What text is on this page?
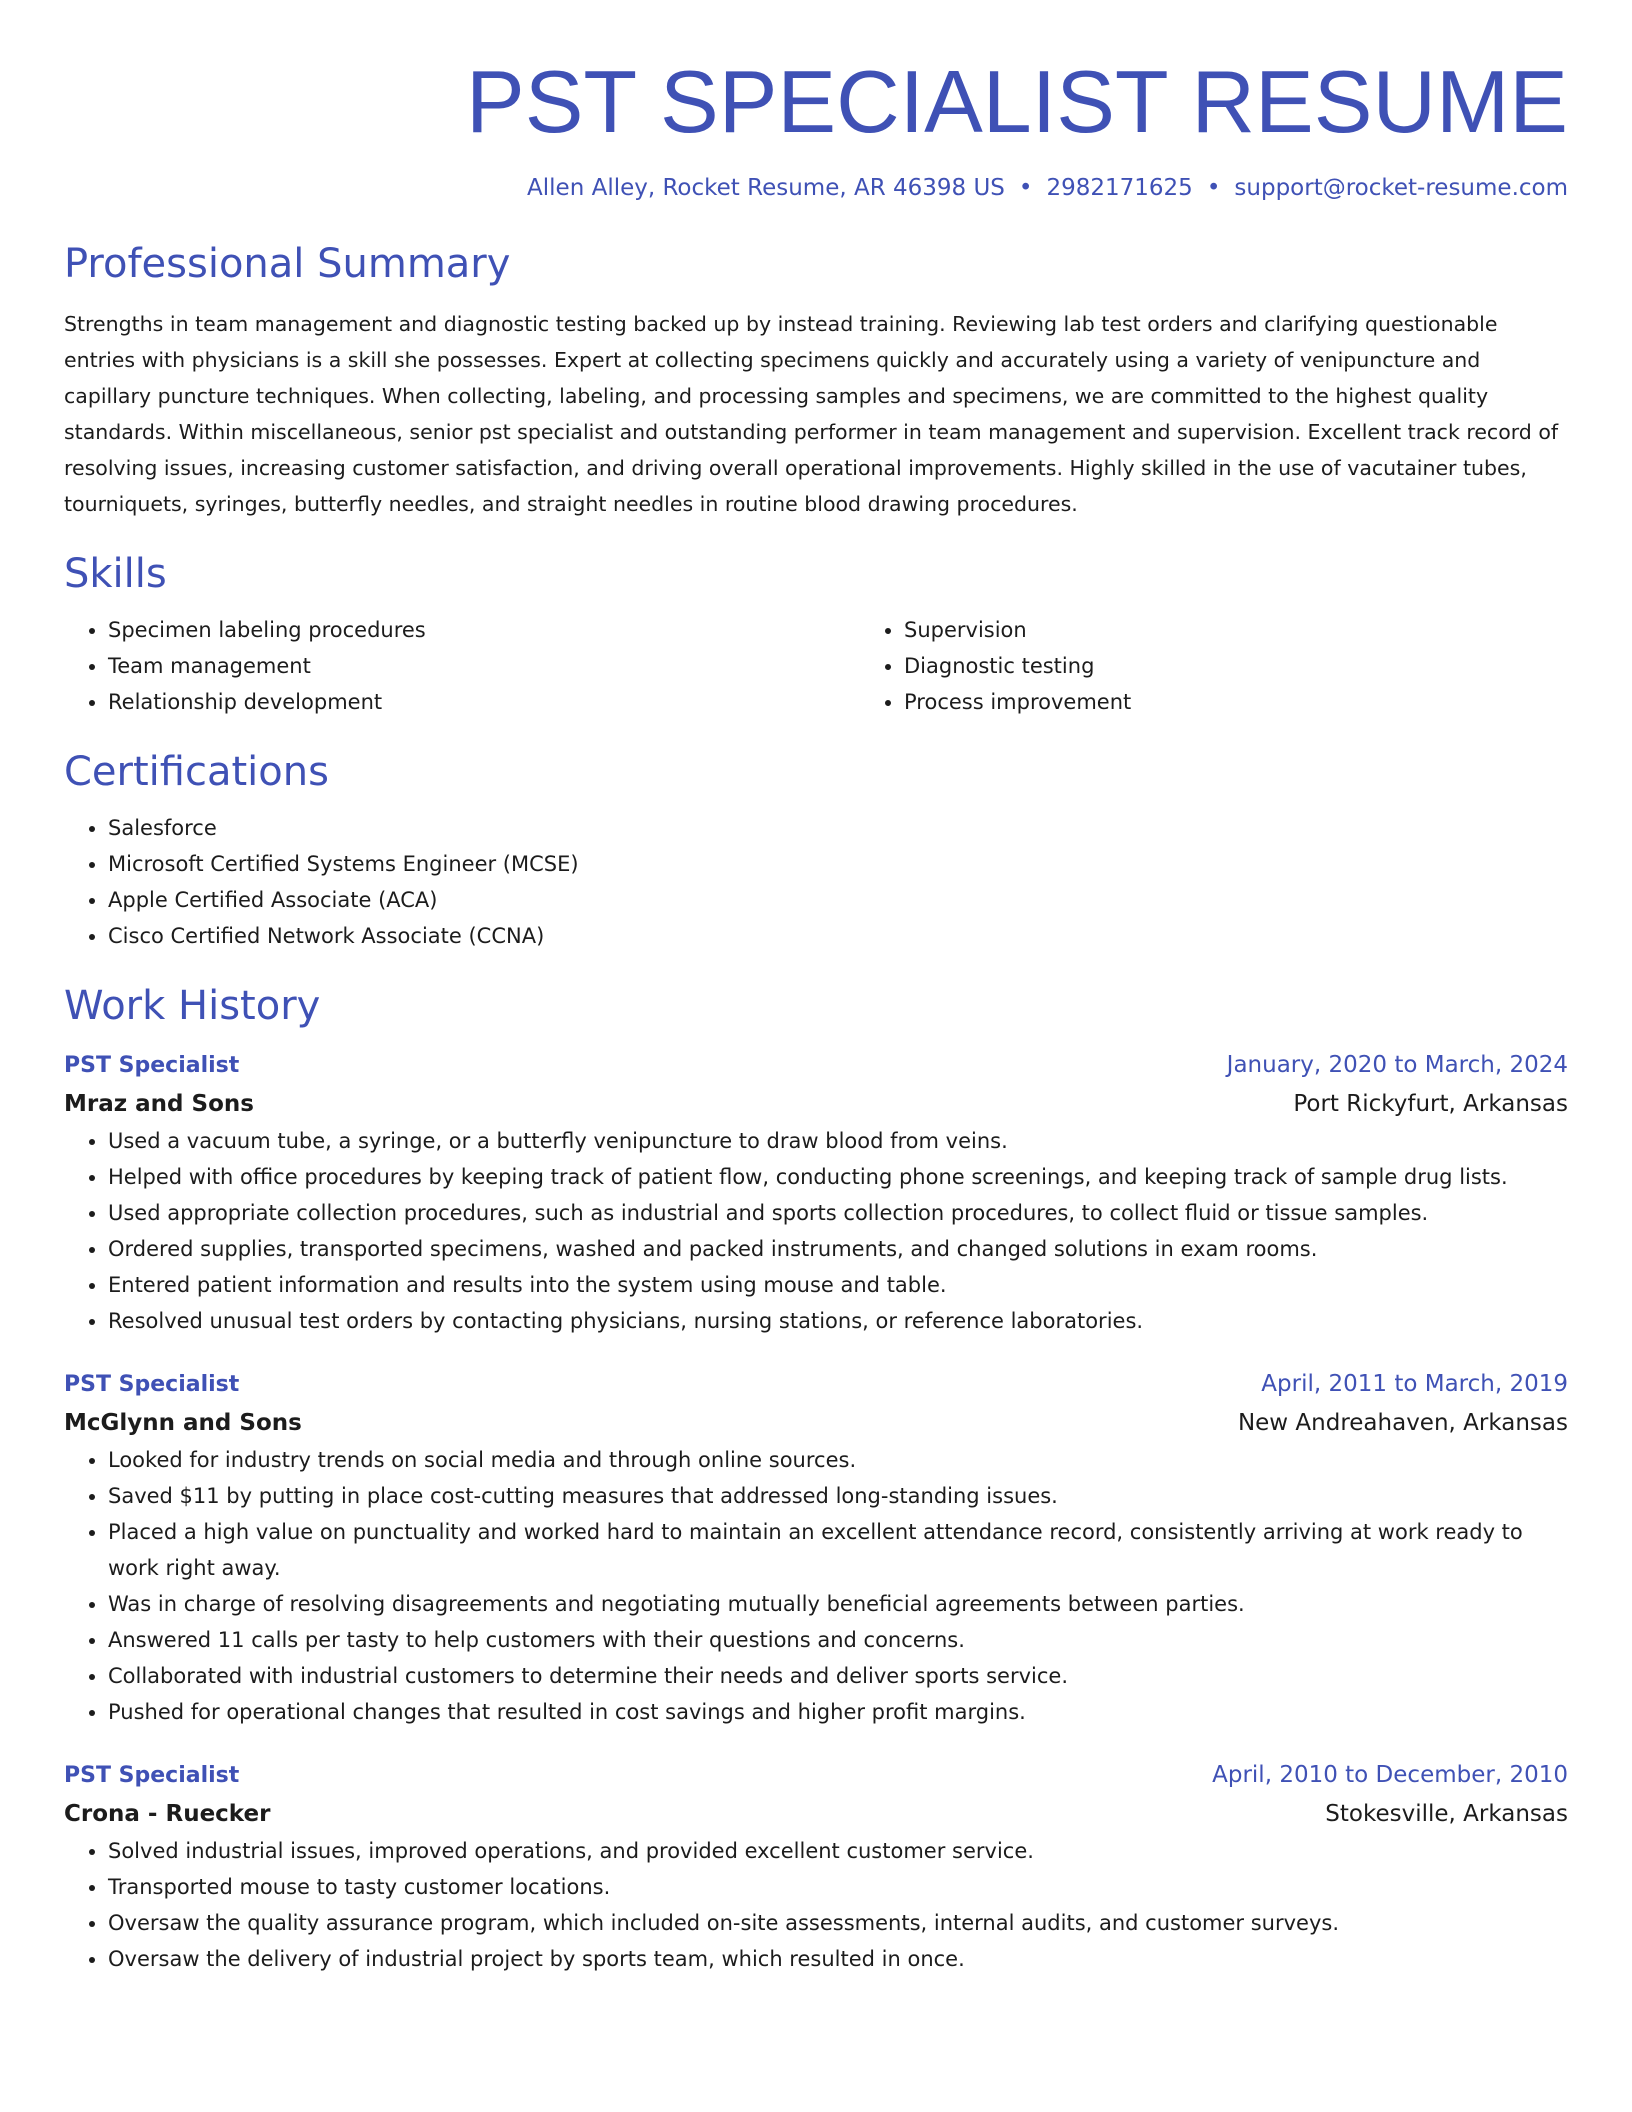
PST SPECIALIST RESUME
Allen Alley, Rocket Resume, AR 46398 US • 2982171625 • support@rocket-resume.com
Professional Summary

Strengths in team management and diagnostic testing backed up by instead training. Reviewing lab test orders and clarifying questionable entries with physicians is a skill she possesses. Expert at collecting specimens quickly and accurately using a variety of venipuncture and capillary puncture techniques. When collecting, labeling, and processing samples and specimens, we are committed to the highest quality standards. Within miscellaneous, senior pst specialist and outstanding performer in team management and supervision. Excellent track record of resolving issues, increasing customer satisfaction, and driving overall operational improvements. Highly skilled in the use of vacutainer tubes, tourniquets, syringes, butterfly needles, and straight needles in routine blood drawing procedures.

Skills
• Specimen labeling procedures
• Team management
• Relationship development
• Supervision
• Diagnostic testing
• Process improvement
Certifications
• Salesforce
• Microsoft Certified Systems Engineer (MCSE)
• Apple Certified Associate (ACA)
• Cisco Certified Network Associate (CCNA)
Work History
PST Specialist	January, 2020 to March, 2024
Mraz and Sons	Port Rickyfurt, Arkansas
• Used a vacuum tube, a syringe, or a butterfly venipuncture to draw blood from veins.
• Helped with office procedures by keeping track of patient flow, conducting phone screenings, and keeping track of sample drug lists.
• Used appropriate collection procedures, such as industrial and sports collection procedures, to collect fluid or tissue samples.
• Ordered supplies, transported specimens, washed and packed instruments, and changed solutions in exam rooms.
• Entered patient information and results into the system using mouse and table.
• Resolved unusual test orders by contacting physicians, nursing stations, or reference laboratories.
PST Specialist	April, 2011 to March, 2019
McGlynn and Sons	New Andreahaven, Arkansas
• Looked for industry trends on social media and through online sources.
• Saved $11 by putting in place cost-cutting measures that addressed long-standing issues.
• Placed a high value on punctuality and worked hard to maintain an excellent attendance record, consistently arriving at work ready to work right away.
• Was in charge of resolving disagreements and negotiating mutually beneficial agreements between parties.
• Answered 11 calls per tasty to help customers with their questions and concerns.
• Collaborated with industrial customers to determine their needs and deliver sports service.
• Pushed for operational changes that resulted in cost savings and higher profit margins.
PST Specialist	April, 2010 to December, 2010
Crona - Ruecker	Stokesville, Arkansas
• Solved industrial issues, improved operations, and provided excellent customer service.
• Transported mouse to tasty customer locations.
• Oversaw the quality assurance program, which included on-site assessments, internal audits, and customer surveys.
• Oversaw the delivery of industrial project by sports team, which resulted in once.
